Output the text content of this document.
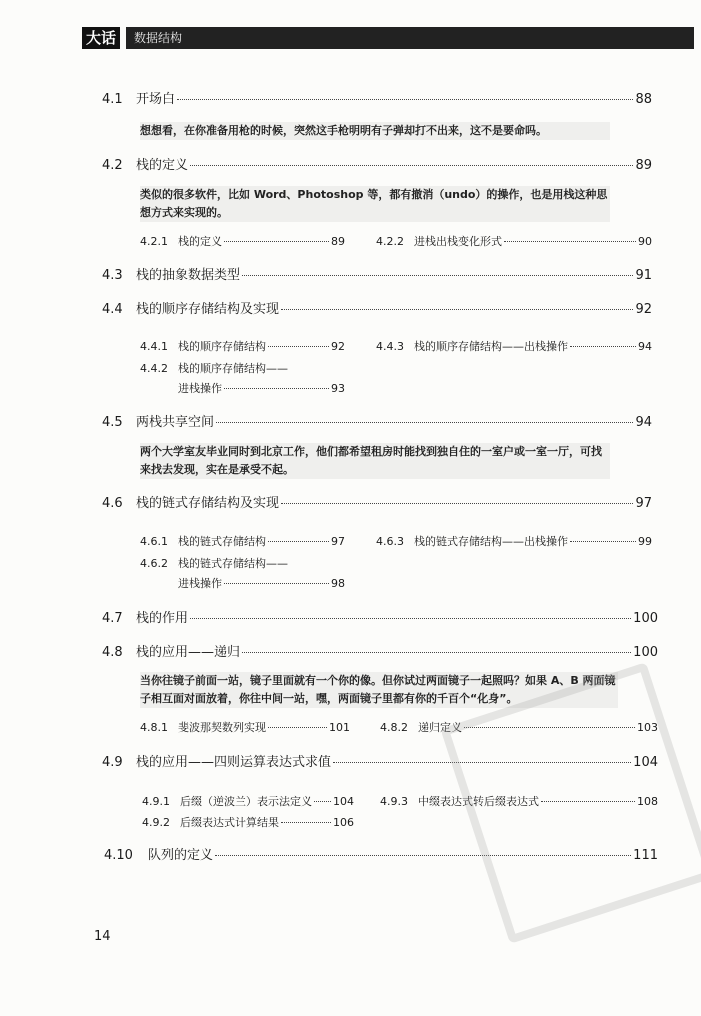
大话	数据结构
4.1	开场白	88
想想看，在你准备用枪的时候，突然这手枪明明有子弹却打不出来，这不是要命吗。
4.2	栈的定义	89
类似的很多软件，比如 Word、Photoshop 等，都有撤消（undo）的操作，也是用栈这种思想方式来实现的。
4.2.1 栈的定义	89	4.2.2 进栈出栈变化形式	90
4.3	栈的抽象数据类型	91
4.4	栈的顺序存储结构及实现	92
4.4.1 栈的顺序存储结构	92	4.4.3 栈的顺序存储结构——出栈操作	94
4.4.2 栈的顺序存储结构——
进栈操作	93
4.5	两栈共享空间	94
两个大学室友毕业同时到北京工作，他们都希望租房时能找到独自住的一室户或一室一厅，可找来找去发现，实在是承受不起。
4.6	栈的链式存储结构及实现	97
4.6.1 栈的链式存储结构	97	4.6.3 栈的链式存储结构——出栈操作	99
4.6.2 栈的链式存储结构——
进栈操作	98
4.7	栈的作用	100
4.8	栈的应用——递归	100
当你往镜子前面一站，镜子里面就有一个你的像。但你试过两面镜子一起照吗？如果 A、B 两面镜子相互面对面放着，你往中间一站，嘿，两面镜子里都有你的千百个“化身”。
4.8.1 斐波那契数列实现	101	4.8.2 递归定义	103
4.9	栈的应用——四则运算表达式求值	104
4.9.1 后缀（逆波兰）表示法定义 104 4.9.3 中缀表达式转后缀表达式	108
4.9.2 后缀表达式计算结果	106
4.10	队列的定义	111
14
